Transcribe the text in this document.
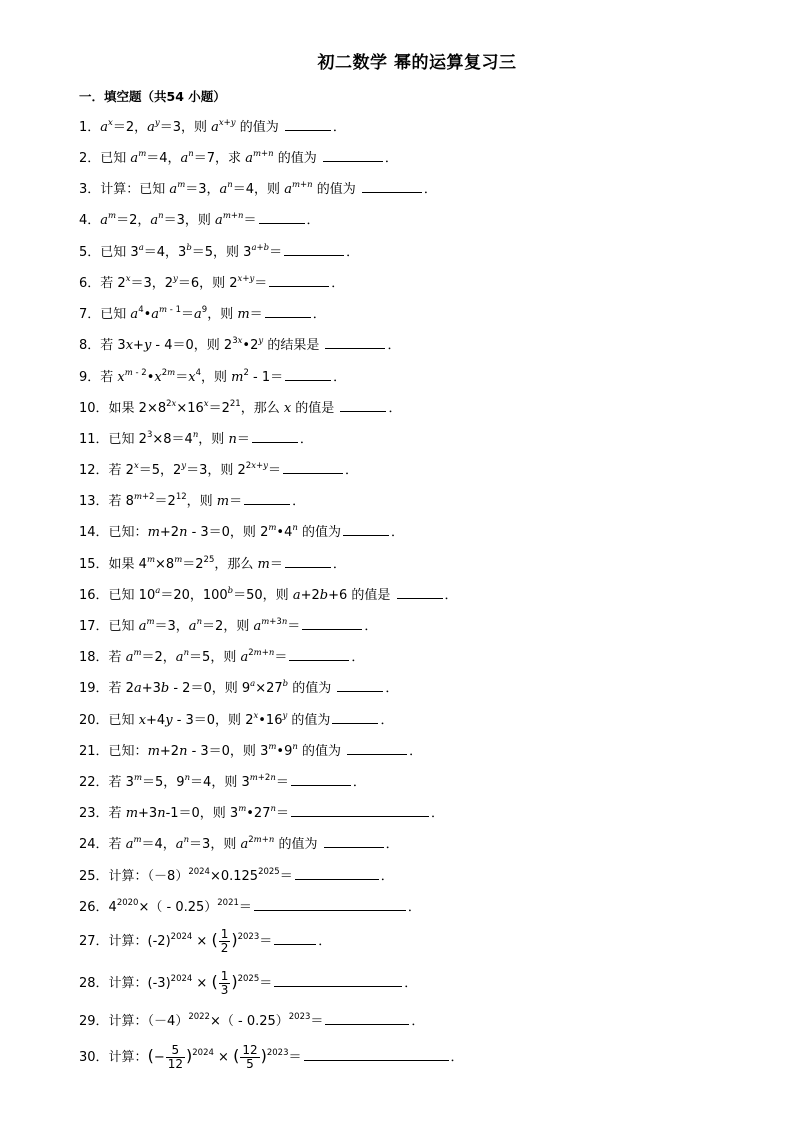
初二数学 幂的运算复习三
一．填空题（共54 小题）
1．$a^x=2$，$a^y=3$，则 $a^{x+y}$ 的值为	．
2．已知 $a^m=4$，$a^n=7$，求 $a^{m+n}$ 的值为	．
3．计算：已知 $a^m=3$，$a^n=4$，则 $a^{m+n}$ 的值为	．
4．$a^m=2$，$a^n=3$，则 $a^{m+n}=$	．
5．已知 $3^a=4$，$3^b=5$，则 $3^{a+b}=$	．
6．若 $2^x=3$，$2^y=6$，则 $2^{x+y}=$	．
7．已知 $a^4•a^{m - 1}=a^9$，则 m＝	．
8．若 3x+y - 4＝0，则 $2^{3x}•2^y$ 的结果是	．
9．若 $x^{m - 2}•x^{2m}=x^4$，则 $m^2 - 1=$	．
10．如果 $2\times 8^{2x}\times 16^x=2^{21}$，那么 x 的值是	．
11．已知 $2^3\times 8=4^n$，则 n＝	．
12．若 $2^x=5$，$2^y=3$，则 $2^{2x+y}=$	．
13．若 $8^{m+2}=2^{12}$，则 m＝	．
14．已知：m+2n - 3＝0，则 2$^m$•4$^n$ 的值为	．
15．如果 $4^m\times 8^m=2^{25}$，那么 m＝	．
16．已知 $10^a=20$，$100^b=50$，则 a+2b+6 的值是	．
17．已知 $a^m=3$，$a^n=2$，则 $a^{m+3n}=$	．
18．若 $a^m=2$，$a^n=5$，则 $a^{2m+n}=$	．
19．若 2a+3b - 2＝0，则 $9^a\times 27^b$ 的值为	．
20．已知 x+4y - 3＝0，则 2$^x$•16$^y$ 的值为	．
21．已知：m+2n - 3＝0，则 3$^m$•9$^n$ 的值为	．
22．若 $3^m=5$，$9^n=4$，则 $3^{m+2n}=$	．
23．若 m+3n-1＝0，则 $3^m•27^n=$	．
24．若 $a^m=4$，$a^n=3$，则 $a^{2m+n}$ 的值为	．
25．计算：$(-8)^{2024}\times 0.125^{2025}=$	．
26．$4^{2020}\times( - 0.25)^{2021}=$	．
27．计算：$(-2)^{2024}$ × ( $\frac{1}{2} )^{2023}=$	．
28．计算：$(-3)^{2024}$ × ( $\frac{1}{3} )^{2025}=$	．
29．计算：$(-4)^{2022}\times( - 0.25)^{2023}=$	．
30．计算：(− $\frac{5}{12} )^{2024}$ × ( $\frac{12}{5} )^{2023}=$	．
